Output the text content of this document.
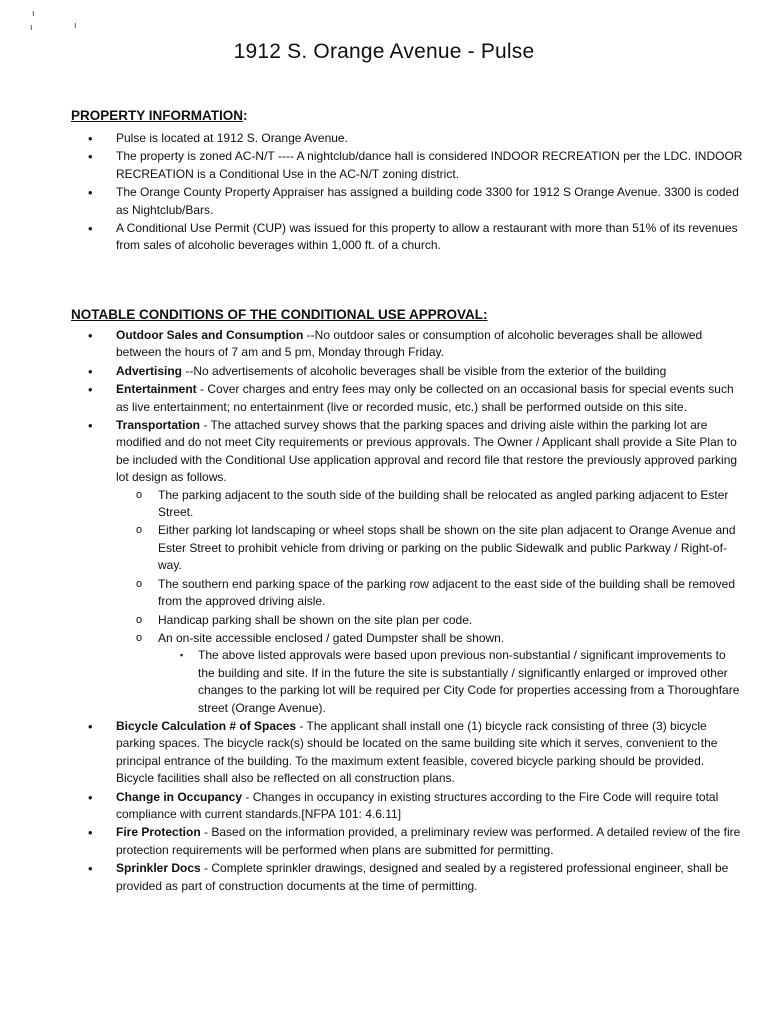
ı
ı	ı
1912 S. Orange Avenue - Pulse
PROPERTY INFORMATION:
• Pulse is located at 1912 S. Orange Avenue.
• The property is zoned AC-N/T ---- A nightclub/dance hall is considered INDOOR RECREATION per the LDC. INDOOR RECREATION is a Conditional Use in the AC-N/T zoning district.
• The Orange County Property Appraiser has assigned a building code 3300 for 1912 S Orange Avenue. 3300 is coded as Nightclub/Bars.
• A Conditional Use Permit (CUP) was issued for this property to allow a restaurant with more than 51% of its revenues from sales of alcoholic beverages within 1,000 ft. of a church.
NOTABLE CONDITIONS OF THE CONDITIONAL USE APPROVAL:
• Outdoor Sales and Consumption --No outdoor sales or consumption of alcoholic beverages shall be allowed between the hours of 7 am and 5 pm, Monday through Friday.
• Advertising --No advertisements of alcoholic beverages shall be visible from the exterior of the building
• Entertainment - Cover charges and entry fees may only be collected on an occasional basis for special events such as live entertainment; no entertainment (live or recorded music, etc.) shall be performed outside on this site.
• Transportation - The attached survey shows that the parking spaces and driving aisle within the parking lot are modified and do not meet City requirements or previous approvals. The Owner / Applicant shall provide a Site Plan to be included with the Conditional Use application approval and record file that restore the previously approved parking lot design as follows.
o The parking adjacent to the south side of the building shall be relocated as angled parking adjacent to Ester Street.
o Either parking lot landscaping or wheel stops shall be shown on the site plan adjacent to Orange Avenue and Ester Street to prohibit vehicle from driving or parking on the public Sidewalk and public Parkway / Right-of-way.
o The southern end parking space of the parking row adjacent to the east side of the building shall be removed from the approved driving aisle.
o Handicap parking shall be shown on the site plan per code.
o An on-site accessible enclosed / gated Dumpster shall be shown.
▪ The above listed approvals were based upon previous non-substantial / significant improvements to the building and site. If in the future the site is substantially / significantly enlarged or improved other changes to the parking lot will be required per City Code for properties accessing from a Thoroughfare street (Orange Avenue).
• Bicycle Calculation # of Spaces - The applicant shall install one (1) bicycle rack consisting of three (3) bicycle parking spaces. The bicycle rack(s) should be located on the same building site which it serves, convenient to the principal entrance of the building. To the maximum extent feasible, covered bicycle parking should be provided. Bicycle facilities shall also be reflected on all construction plans.
• Change in Occupancy - Changes in occupancy in existing structures according to the Fire Code will require total compliance with current standards.[NFPA 101: 4.6.11]
• Fire Protection - Based on the information provided, a preliminary review was performed. A detailed review of the fire protection requirements will be performed when plans are submitted for permitting.
• Sprinkler Docs - Complete sprinkler drawings, designed and sealed by a registered professional engineer, shall be provided as part of construction documents at the time of permitting.
